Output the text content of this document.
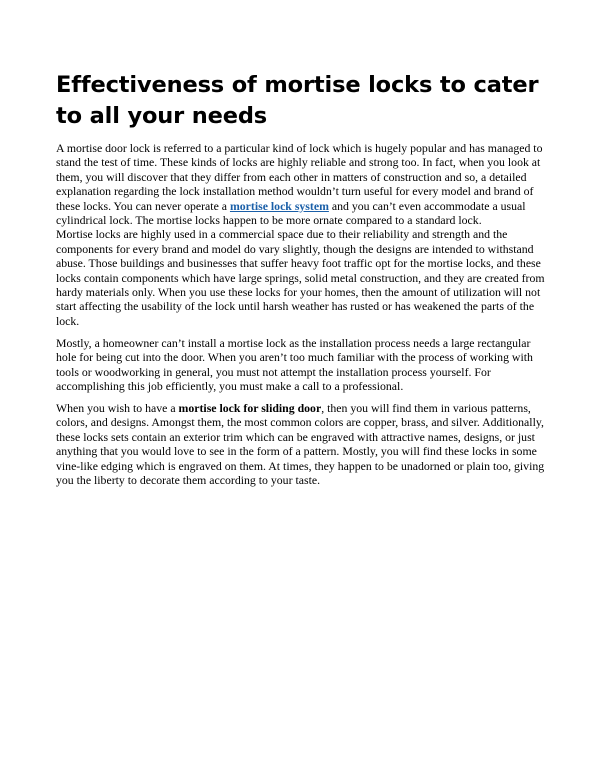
Effectiveness of mortise locks to cater to all your needs

A mortise door lock is referred to a particular kind of lock which is hugely popular and has managed to stand the test of time. These kinds of locks are highly reliable and strong too. In fact, when you look at them, you will discover that they differ from each other in matters of construction and so, a detailed explanation regarding the lock installation method wouldn’t turn useful for every model and brand of these locks. You can never operate a mortise lock system and you can’t even accommodate a usual cylindrical lock. The mortise locks happen to be more ornate compared to a standard lock.
Mortise locks are highly used in a commercial space due to their reliability and strength and the components for every brand and model do vary slightly, though the designs are intended to withstand abuse. Those buildings and businesses that suffer heavy foot traffic opt for the mortise locks, and these locks contain components which have large springs, solid metal construction, and they are created from hardy materials only. When you use these locks for your homes, then the amount of utilization will not start affecting the usability of the lock until harsh weather has rusted or has weakened the parts of the lock.

Mostly, a homeowner can’t install a mortise lock as the installation process needs a large rectangular hole for being cut into the door. When you aren’t too much familiar with the process of working with tools or woodworking in general, you must not attempt the installation process yourself. For accomplishing this job efficiently, you must make a call to a professional.

When you wish to have a mortise lock for sliding door, then you will find them in various patterns, colors, and designs. Amongst them, the most common colors are copper, brass, and silver. Additionally, these locks sets contain an exterior trim which can be engraved with attractive names, designs, or just anything that you would love to see in the form of a pattern. Mostly, you will find these locks in some vine-like edging which is engraved on them. At times, they happen to be unadorned or plain too, giving you the liberty to decorate them according to your taste.
